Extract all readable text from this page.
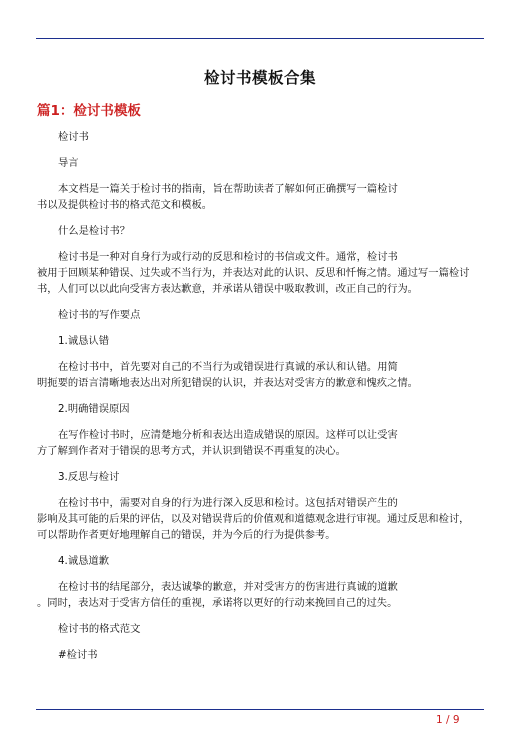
检讨书模板合集
篇1：检讨书模板
检讨书
导言
本文档是一篇关于检讨书的指南，旨在帮助读者了解如何正确撰写一篇检讨
书以及提供检讨书的格式范文和模板。
什么是检讨书？
检讨书是一种对自身行为或行动的反思和检讨的书信或文件。通常，检讨书
被用于回顾某种错误、过失或不当行为，并表达对此的认识、反思和忏悔之情。通过写一篇检讨
书，人们可以以此向受害方表达歉意，并承诺从错误中吸取教训，改正自己的行为。
检讨书的写作要点
1.诚恳认错
在检讨书中，首先要对自己的不当行为或错误进行真诚的承认和认错。用简
明扼要的语言清晰地表达出对所犯错误的认识，并表达对受害方的歉意和愧疚之情。
2.明确错误原因
在写作检讨书时，应清楚地分析和表达出造成错误的原因。这样可以让受害
方了解到作者对于错误的思考方式，并认识到错误不再重复的决心。
3.反思与检讨
在检讨书中，需要对自身的行为进行深入反思和检讨。这包括对错误产生的
影响及其可能的后果的评估，以及对错误背后的价值观和道德观念进行审视。通过反思和检讨，
可以帮助作者更好地理解自己的错误，并为今后的行为提供参考。
4.诚恳道歉
在检讨书的结尾部分，表达诚挚的歉意，并对受害方的伤害进行真诚的道歉
。同时，表达对于受害方信任的重视，承诺将以更好的行动来挽回自己的过失。
检讨书的格式范文
#检讨书
1 / 9
